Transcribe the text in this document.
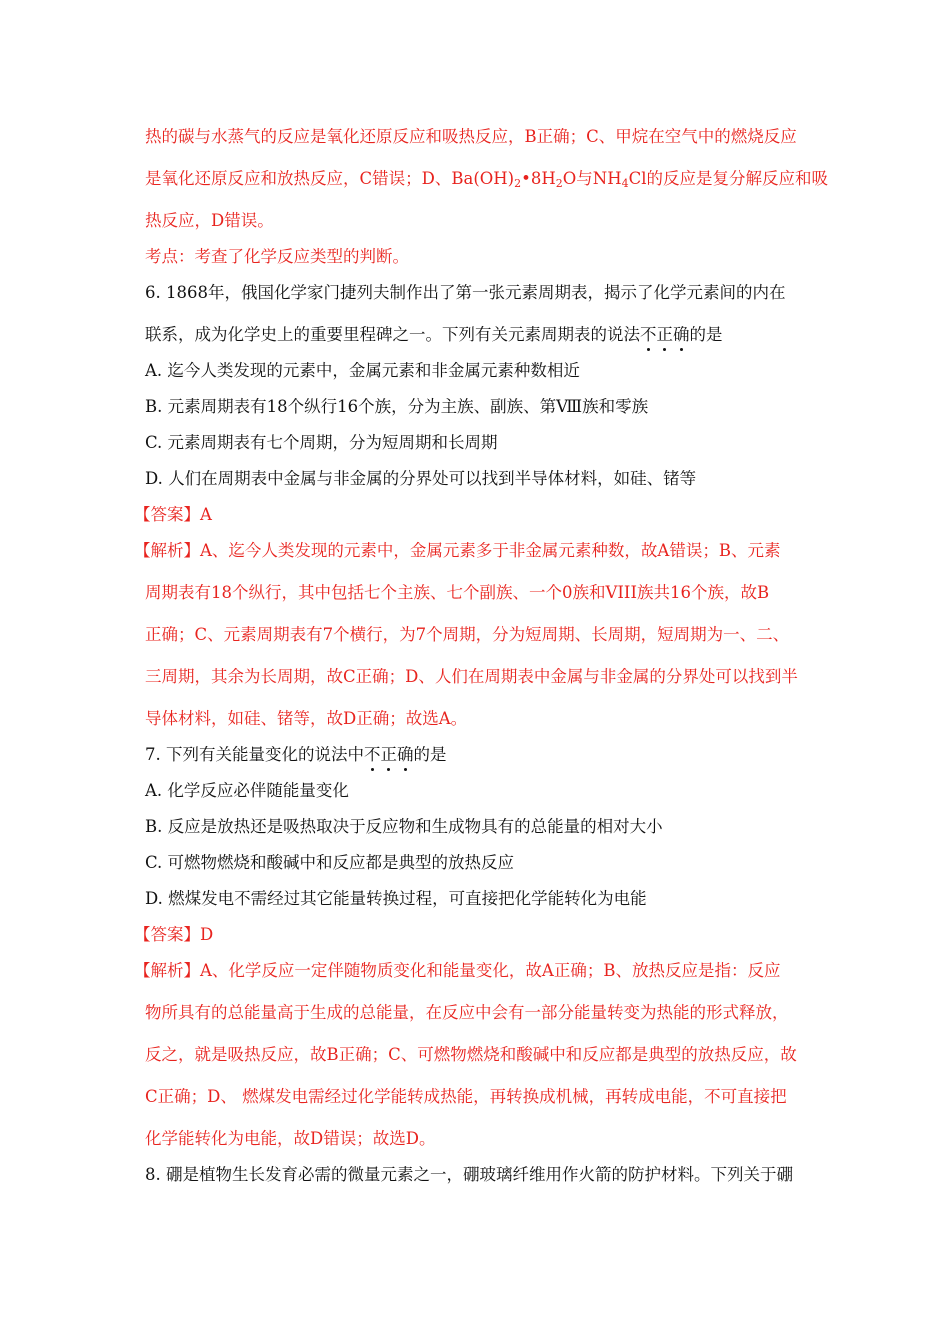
热的碳与水蒸气的反应是氧化还原反应和吸热反应，B正确；C、甲烷在空气中的燃烧反应
是氧化还原反应和放热反应，C错误；D、$Ba(OH)_2•8H_2O$与$NH_4Cl$的反应是复分解反应和吸
热反应，D错误。
考点：考查了化学反应类型的判断。
6. 1868年，俄国化学家门捷列夫制作出了第一张元素周期表，揭示了化学元素间的内在
联系，成为化学史上的重要里程碑之一。下列有关元素周期表的说法不正确的是
A. 迄今人类发现的元素中，金属元素和非金属元素种数相近
B. 元素周期表有18个纵行16个族，分为主族、副族、第Ⅷ族和零族
C. 元素周期表有七个周期，分为短周期和长周期
D. 人们在周期表中金属与非金属的分界处可以找到半导体材料，如硅、锗等
【答案】A
【解析】A、迄今人类发现的元素中，金属元素多于非金属元素种数，故A错误；B、元素
周期表有18个纵行，其中包括七个主族、七个副族、一个0族和VIII族共16个族，故B
正确；C、元素周期表有7个横行，为7个周期，分为短周期、长周期，短周期为一、二、
三周期，其余为长周期，故C正确；D、人们在周期表中金属与非金属的分界处可以找到半
导体材料，如硅、锗等，故D正确；故选A。
7. 下列有关能量变化的说法中不正确的是
A. 化学反应必伴随能量变化
B. 反应是放热还是吸热取决于反应物和生成物具有的总能量的相对大小
C. 可燃物燃烧和酸碱中和反应都是典型的放热反应
D. 燃煤发电不需经过其它能量转换过程，可直接把化学能转化为电能
【答案】D
【解析】A、化学反应一定伴随物质变化和能量变化，故A正确；B、放热反应是指：反应
物所具有的总能量高于生成的总能量，在反应中会有一部分能量转变为热能的形式释放，
反之，就是吸热反应，故B正确；C、可燃物燃烧和酸碱中和反应都是典型的放热反应，故
C正确；D、 燃煤发电需经过化学能转成热能，再转换成机械，再转成电能，不可直接把
化学能转化为电能，故D错误；故选D。
8. 硼是植物生长发育必需的微量元素之一，硼玻璃纤维用作火箭的防护材料。下列关于硼
